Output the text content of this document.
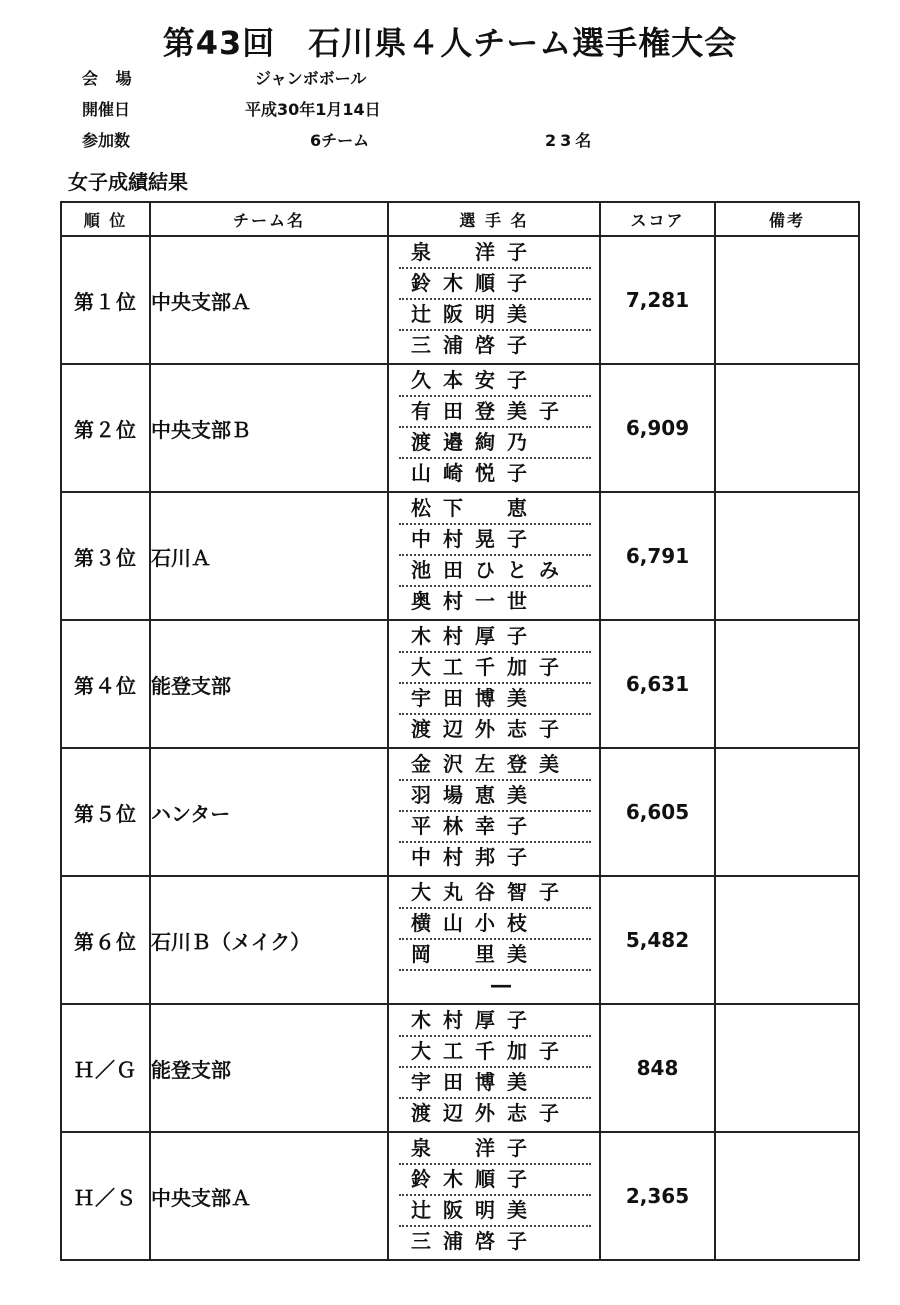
第43回　石川県４人チーム選手権大会
会 場	ジャンボボール
開催日	平成30年1月14日
参加数	6チーム	23名
女子成績結果
順 位	チーム名	選 手 名	スコア	備考
第１位	中央支部Ａ	泉　洋子
鈴木順子
辻阪明美
三浦啓子	7,281	
第２位	中央支部Ｂ	久本安子
有田登美子
渡邉絢乃
山崎悦子	6,909	
第３位	石川Ａ	松下　恵
中村晃子
池田ひとみ
奥村一世	6,791	
第４位	能登支部	木村厚子
大工千加子
宇田博美
渡辺外志子	6,631	
第５位	ハンター	金沢左登美
羽場恵美
平林幸子
中村邦子	6,605	
第６位	石川Ｂ（メイク）	大丸谷智子
横山小枝
岡　里美
―	5,482	
Ｈ／Ｇ	能登支部	木村厚子
大工千加子
宇田博美
渡辺外志子	848	
Ｈ／Ｓ	中央支部Ａ	泉　洋子
鈴木順子
辻阪明美
三浦啓子	2,365	
